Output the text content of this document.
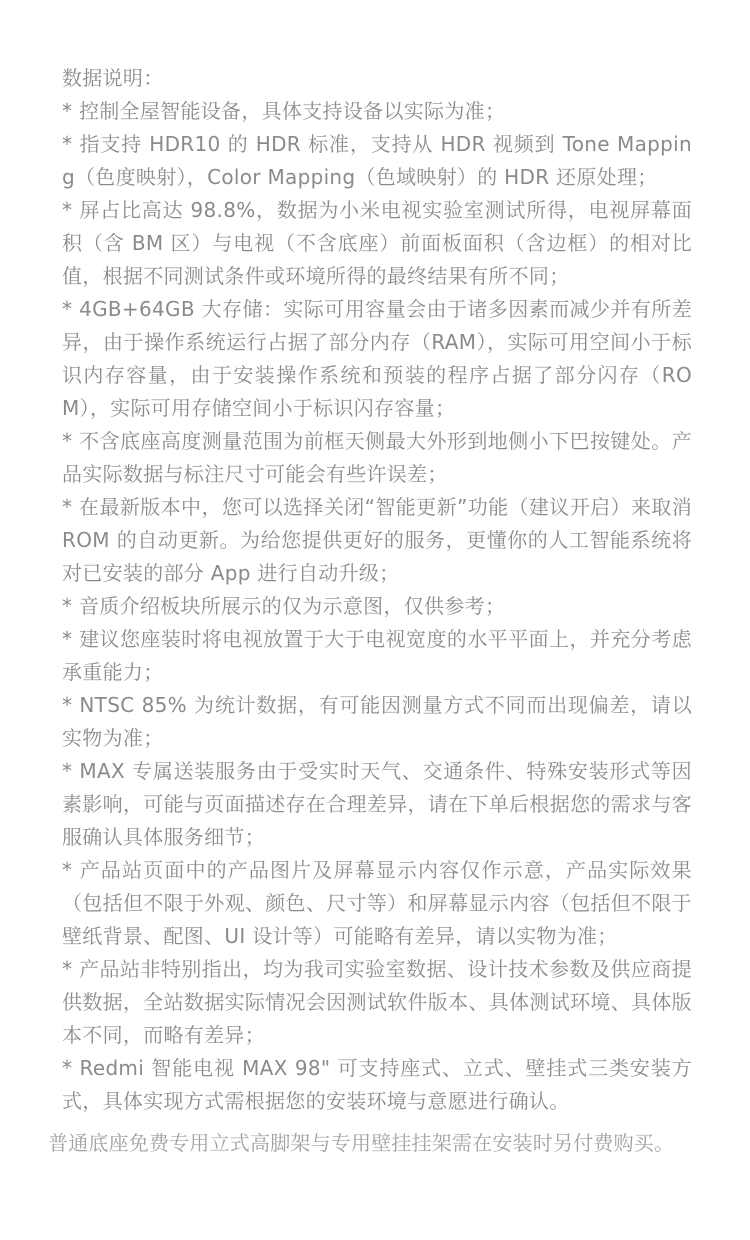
数据说明：

* 控制全屋智能设备，具体支持设备以实际为准；

* 指支持 HDR10 的 HDR 标准，支持从 HDR 视频到 Tone Mapping（色度映射），Color Mapping（色域映射）的 HDR 还原处理；

* 屏占比高达 98.8%，数据为小米电视实验室测试所得，电视屏幕面积（含 BM 区）与电视（不含底座）前面板面积（含边框）的相对比值，根据不同测试条件或环境所得的最终结果有所不同；

* 4GB+64GB 大存储：实际可用容量会由于诸多因素而减少并有所差异，由于操作系统运行占据了部分内存（RAM），实际可用空间小于标识内存容量，由于安装操作系统和预装的程序占据了部分闪存（ROM），实际可用存储空间小于标识闪存容量；

* 不含底座高度测量范围为前框天侧最大外形到地侧小下巴按键处。产品实际数据与标注尺寸可能会有些许误差；

* 在最新版本中，您可以选择关闭“智能更新”功能（建议开启）来取消 ROM 的自动更新。为给您提供更好的服务，更懂你的人工智能系统将对已安装的部分 App 进行自动升级；

* 音质介绍板块所展示的仅为示意图，仅供参考；

* 建议您座装时将电视放置于大于电视宽度的水平平面上，并充分考虑承重能力；

* NTSC 85% 为统计数据，有可能因测量方式不同而出现偏差，请以实物为准；

* MAX 专属送装服务由于受实时天气、交通条件、特殊安装形式等因素影响，可能与页面描述存在合理差异，请在下单后根据您的需求与客服确认具体服务细节；

* 产品站页面中的产品图片及屏幕显示内容仅作示意，产品实际效果（包括但不限于外观、颜色、尺寸等）和屏幕显示内容（包括但不限于壁纸背景、配图、UI 设计等）可能略有差异，请以实物为准；

* 产品站非特别指出，均为我司实验室数据、设计技术参数及供应商提供数据，全站数据实际情况会因测试软件版本、具体测试环境、具体版本不同，而略有差异；

* Redmi 智能电视 MAX 98" 可支持座式、立式、壁挂式三类安装方式，具体实现方式需根据您的安装环境与意愿进行确认。

普通底座免费专用立式高脚架与专用壁挂挂架需在安装时另付费购买。
